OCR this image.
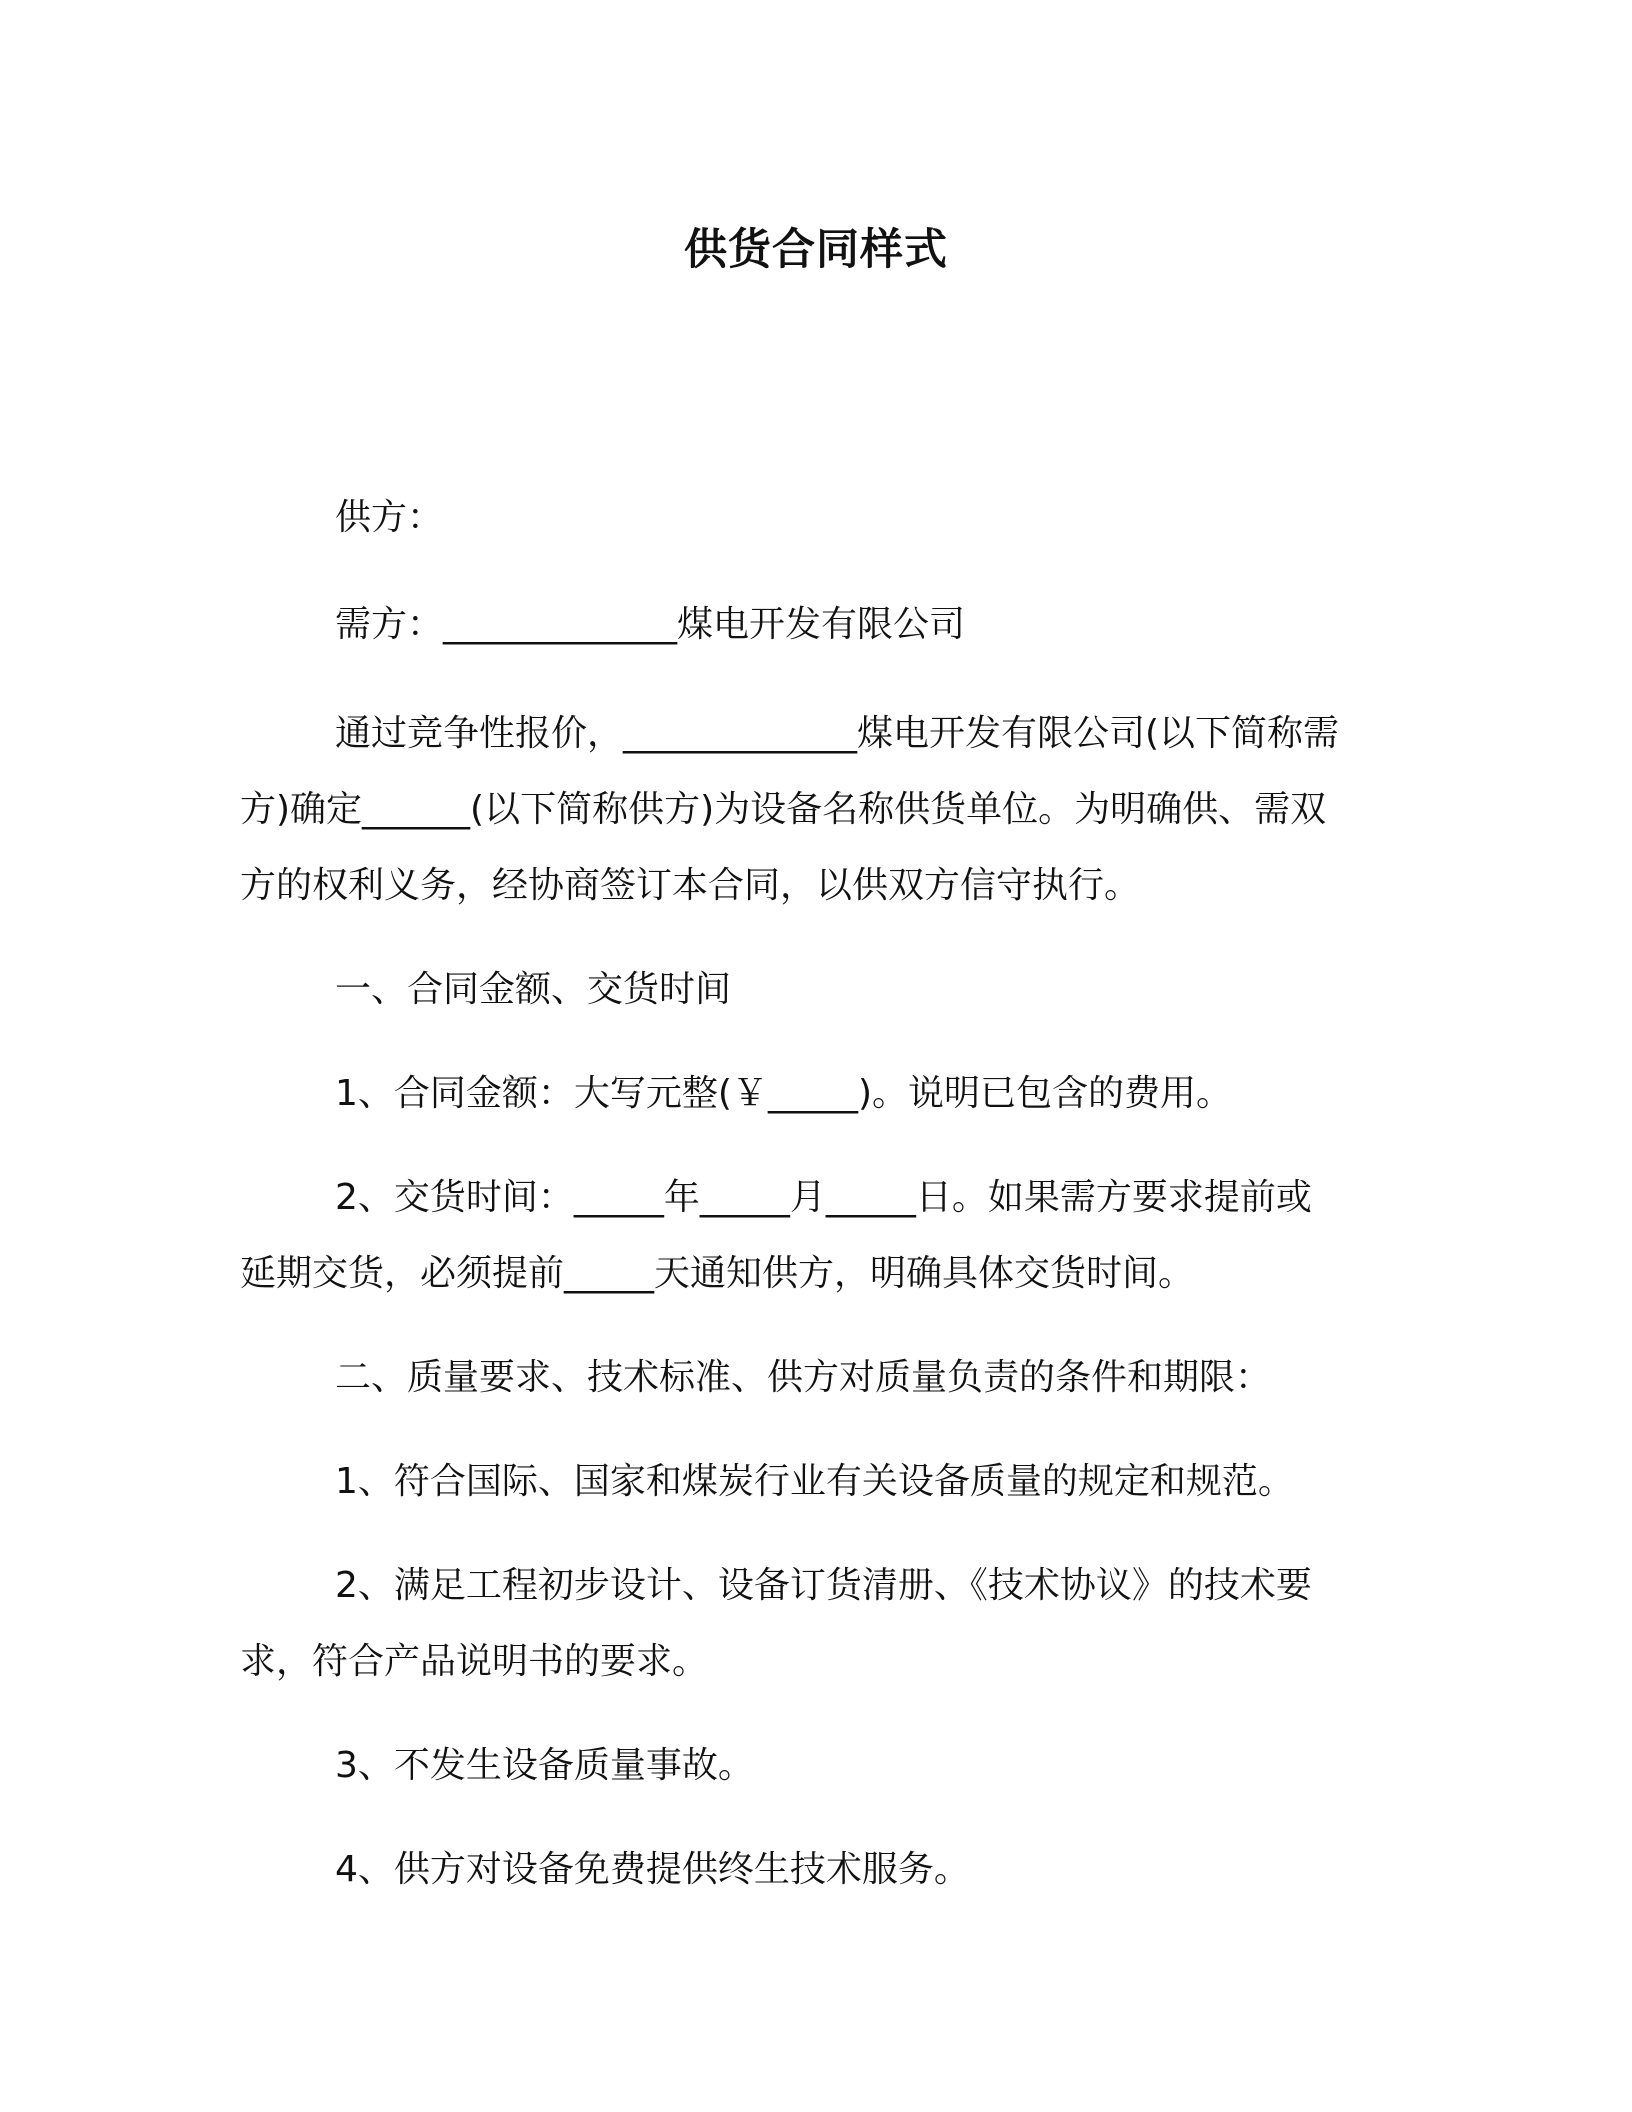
供货合同样式
供方：
需方：_____________煤电开发有限公司
通过竞争性报价，_____________煤电开发有限公司(以下简称需
方)确定______(以下简称供方)为设备名称供货单位。为明确供、需双
方的权利义务，经协商签订本合同，以供双方信守执行。
一、合同金额、交货时间
1、合同金额：大写元整(￥_____)。说明已包含的费用。
2、交货时间：_____年_____月_____日。如果需方要求提前或
延期交货，必须提前_____天通知供方，明确具体交货时间。
二、质量要求、技术标准、供方对质量负责的条件和期限：
1、符合国际、国家和煤炭行业有关设备质量的规定和规范。
2、满足工程初步设计、设备订货清册、《技术协议》的技术要
求，符合产品说明书的要求。
3、不发生设备质量事故。
4、供方对设备免费提供终生技术服务。
